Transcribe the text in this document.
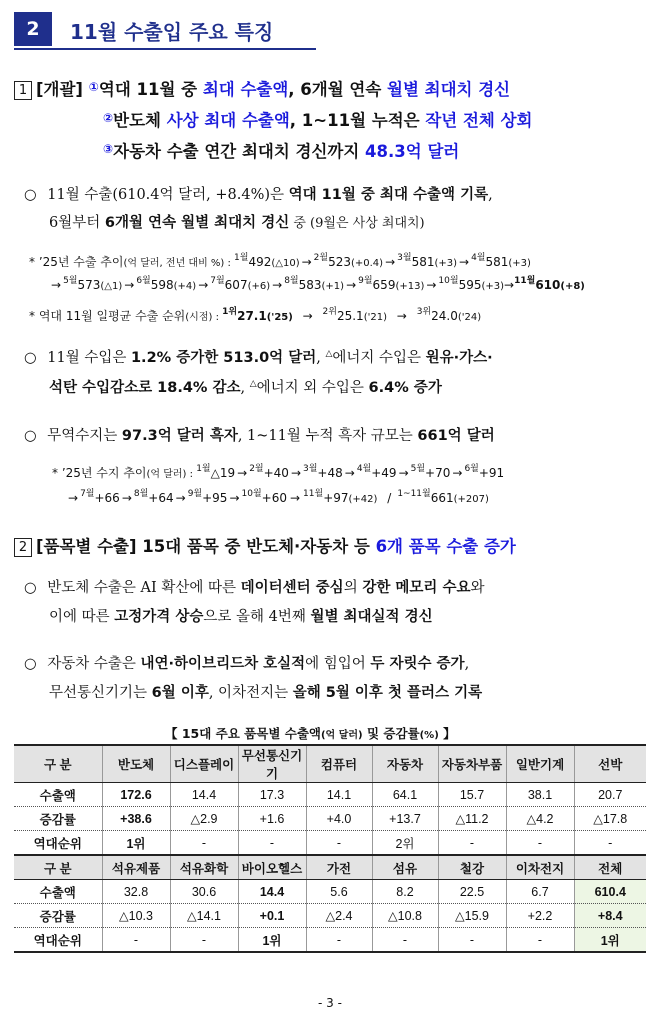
2	11월 수출입 주요 특징
1 [개괄] ①역대 11월 중 최대 수출액, 6개월 연속 월별 최대치 경신
②반도체 사상 최대 수출액, 1~11월 누적은 작년 전체 상회
③자동차 수출 연간 최대치 경신까지 48.3억 달러
○ 11월 수출(610.4억 달러, +8.4%)은 역대 11월 중 최대 수출액 기록,
6월부터 6개월 연속 월별 최대치 경신 중 (9월은 사상 최대치)
* ’25년 수출 추이(억 달러, 전년 대비 %) : $^{1월}$492(△10) → $^{2월}$523(+0.4) → $^{3월}$581(+3) → $^{4월}$581(+3)
→ $^{5월}$573(△1) → $^{6월}$598(+4) → $^{7월}$607(+6) → $^{8월}$583(+1) → $^{9월}$659(+13) → $^{10월}$595(+3)→$^{11월}$610(+8)
* 역대 11월 일평균 수출 순위(시점) : $^{1위}$27.1('25) → $^{2위}$25.1('21) → $^{3위}$24.0('24)
○ 11월 수입은 1.2% 증가한 513.0억 달러, △에너지 수입은 원유·가스·
석탄 수입감소로 18.4% 감소, △에너지 외 수입은 6.4% 증가
○ 무역수지는 97.3억 달러 흑자, 1~11월 누적 흑자 규모는 661억 달러
* ’25년 수지 추이(억 달러) : $^{1월}$△19 → $^{2월}$+40 → $^{3월}$+48 → $^{4월}$+49 → $^{5월}$+70 → $^{6월}$+91
→ $^{7월}$+66 → $^{8월}$+64 → $^{9월}$+95 → $^{10월}$+60 → $^{11월}$+97(+42) / $^{1\sim 11월}$661(+207)
2 [품목별 수출] 15대 품목 중 반도체·자동차 등 6개 품목 수출 증가
○ 반도체 수출은 AI 확산에 따른 데이터센터 중심의 강한 메모리 수요와
이에 따른 고정가격 상승으로 올해 4번째 월별 최대실적 경신
○ 자동차 수출은 내연·하이브리드차 호실적에 힘입어 두 자릿수 증가,
무선통신기기는 6월 이후, 이차전지는 올해 5월 이후 첫 플러스 기록
【 15대 주요 품목별 수출액(억 달러) 및 증감률(%) 】
구 분	반도체	디스플레이	무선통신기기	컴퓨터	자동차	자동차부품	일반기계	선박
수출액	172.6	14.4	17.3	14.1	64.1	15.7	38.1	20.7
증감률	+38.6	△2.9	+1.6	+4.0	+13.7	△11.2	△4.2	△17.8
역대순위	1위	-	-	-	2위	-	-	-
구 분	석유제품	석유화학	바이오헬스	가전	섬유	철강	이차전지	전체
수출액	32.8	30.6	14.4	5.6	8.2	22.5	6.7	610.4
증감률	△10.3	△14.1	+0.1	△2.4	△10.8	△15.9	+2.2	+8.4
역대순위	-	-	1위	-	-	-	-	1위
- 3 -
